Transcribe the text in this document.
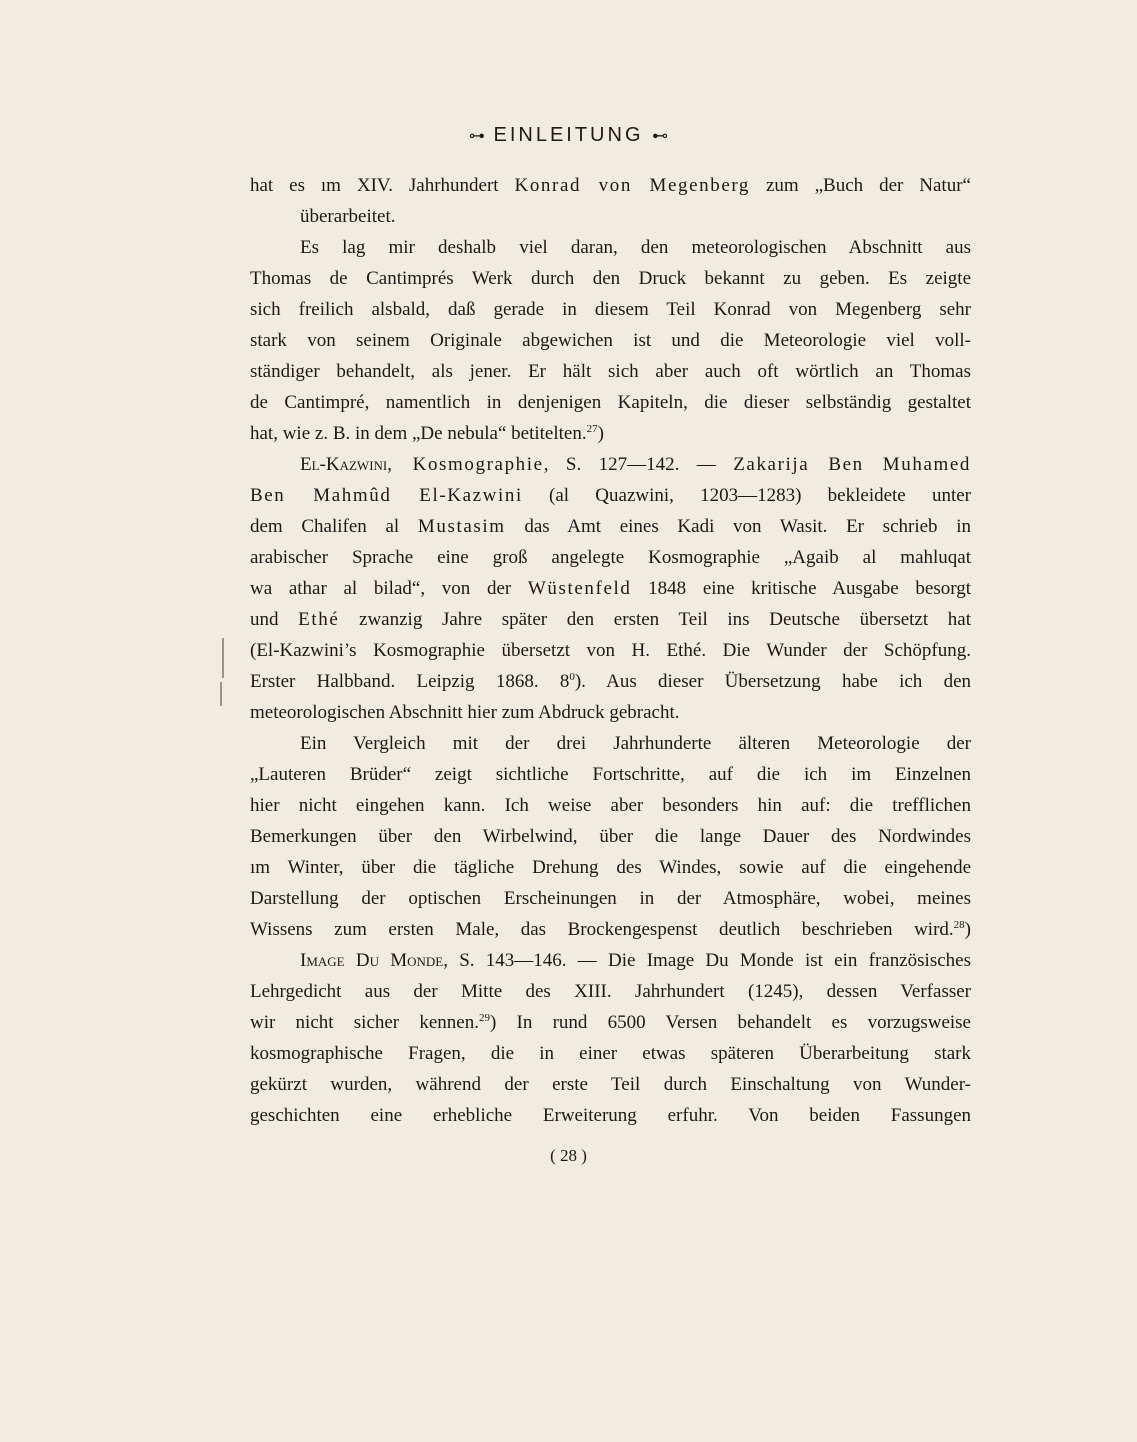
⊶ EINLEITUNG ⊷
hat es ım XIV. Jahrhundert Konrad von Megenberg zum „Buch der Natur“
überarbeitet.
Es lag mir deshalb viel daran, den meteorologischen Abschnitt aus
Thomas de Cantimprés Werk durch den Druck bekannt zu geben. Es zeigte
sich freilich alsbald, daß gerade in diesem Teil Konrad von Megenberg sehr
stark von seinem Originale abgewichen ist und die Meteorologie viel voll-
ständiger behandelt, als jener. Er hält sich aber auch oft wörtlich an Thomas
de Cantimpré, namentlich in denjenigen Kapiteln, die dieser selbständig gestaltet
hat, wie z. B. in dem „De nebula“ betitelten.$^{27}$)
El-Kazwini, Kosmographie, S. 127—142. — Zakarija Ben Muhamed
Ben Mahmûd El-Kazwini (al Quazwini, 1203—1283) bekleidete unter
dem Chalifen al Mustasim das Amt eines Kadi von Wasit. Er schrieb in
arabischer Sprache eine groß angelegte Kosmographie „Agaib al mahluqat
wa athar al bilad“, von der Wüstenfeld 1848 eine kritische Ausgabe besorgt
und Ethé zwanzig Jahre später den ersten Teil ins Deutsche übersetzt hat
(El-Kazwini’s Kosmographie übersetzt von H. Ethé. Die Wunder der Schöpfung.
Erster Halbband. Leipzig 1868. $8^0$). Aus dieser Übersetzung habe ich den
meteorologischen Abschnitt hier zum Abdruck gebracht.
Ein Vergleich mit der drei Jahrhunderte älteren Meteorologie der
„Lauteren Brüder“ zeigt sichtliche Fortschritte, auf die ich im Einzelnen
hier nicht eingehen kann. Ich weise aber besonders hin auf: die trefflichen
Bemerkungen über den Wirbelwind, über die lange Dauer des Nordwindes
ım Winter, über die tägliche Drehung des Windes, sowie auf die eingehende
Darstellung der optischen Erscheinungen in der Atmosphäre, wobei, meines
Wissens zum ersten Male, das Brockengespenst deutlich beschrieben wird.$^{28}$)
Image Du Monde, S. 143—146. — Die Image Du Monde ist ein französisches
Lehrgedicht aus der Mitte des XIII. Jahrhundert (1245), dessen Verfasser
wir nicht sicher kennen.$^{29}$) In rund 6500 Versen behandelt es vorzugsweise
kosmographische Fragen, die in einer etwas späteren Überarbeitung stark
gekürzt wurden, während der erste Teil durch Einschaltung von Wunder-
geschichten eine erhebliche Erweiterung erfuhr. Von beiden Fassungen
( 28 )
